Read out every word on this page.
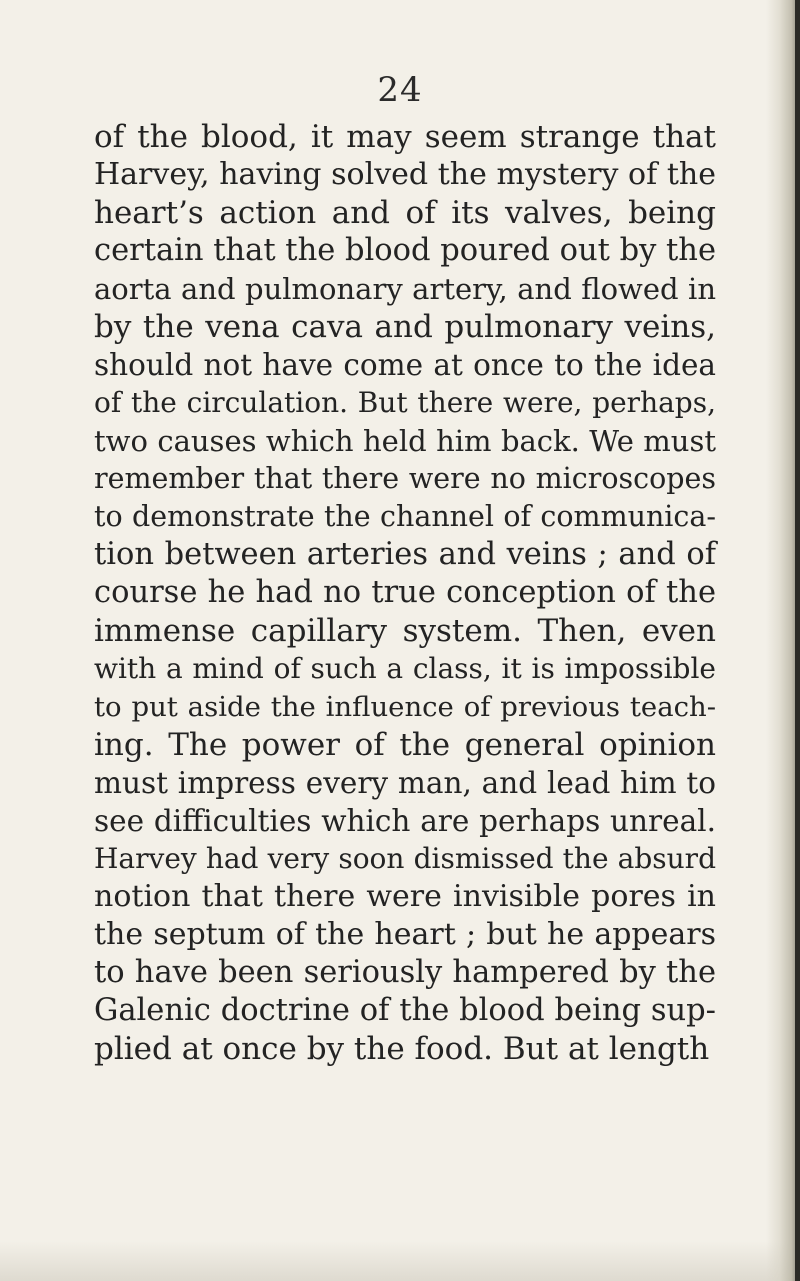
24
of the blood, it may seem strange that
Harvey, having solved the mystery of the
heart’s action and of its valves, being
certain that the blood poured out by the
aorta and pulmonary artery, and flowed in
by the vena cava and pulmonary veins,
should not have come at once to the idea
of the circulation. But there were, perhaps,
two causes which held him back. We must
remember that there were no microscopes
to demonstrate the channel of communica-
tion between arteries and veins ; and of
course he had no true conception of the
immense capillary system. Then, even
with a mind of such a class, it is impossible
to put aside the influence of previous teach-
ing. The power of the general opinion
must impress every man, and lead him to
see difficulties which are perhaps unreal.
Harvey had very soon dismissed the absurd
notion that there were invisible pores in
the septum of the heart ; but he appears
to have been seriously hampered by the
Galenic doctrine of the blood being sup-
plied at once by the food. But at length
